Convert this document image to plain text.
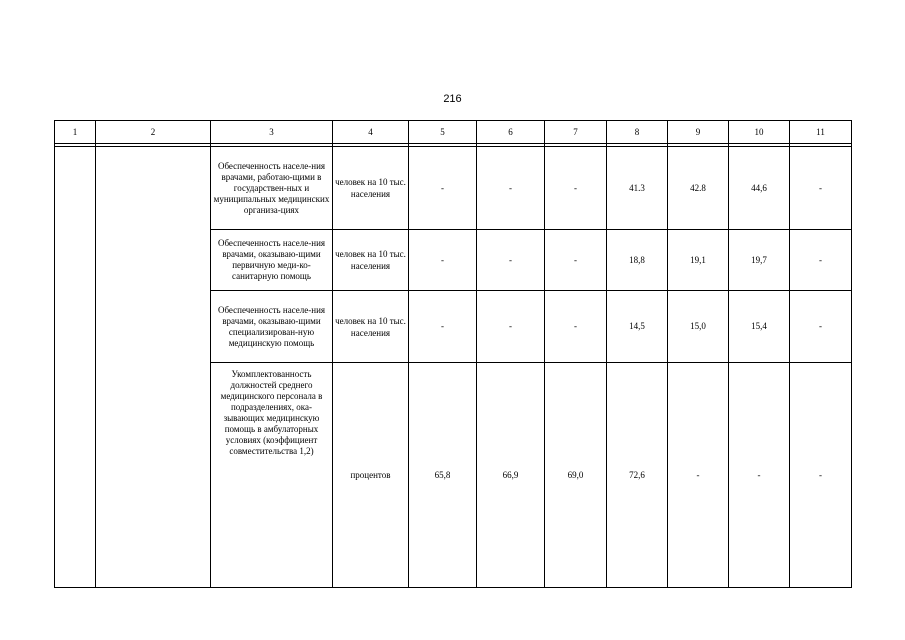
216
1	2	3	4	5	6	7	8	9	10	11

		Обеспеченность населе-ния врачами, работаю-щими в государствен-ных и муниципальных медицинских организа-циях	человек на 10 тыс. населения	-	-	-	41.3	42.8	44,6	-
		Обеспеченность населе-ния врачами, оказываю-щими первичную меди-ко-санитарную помощь	человек на 10 тыс. населения	-	-	-	18,8	19,1	19,7	-
		Обеспеченность населе-ния врачами, оказываю-щими специализирован-ную медицинскую помощь	человек на 10 тыс. населения	-	-	-	14,5	15,0	15,4	-
		Укомплектованность должностей среднего медицинского персонала в подразделениях, ока-зывающих медицинскую помощь в амбулаторных условиях (коэффициент совместительства 1,2)	процентов	65,8	66,9	69,0	72,6	-	-	-
